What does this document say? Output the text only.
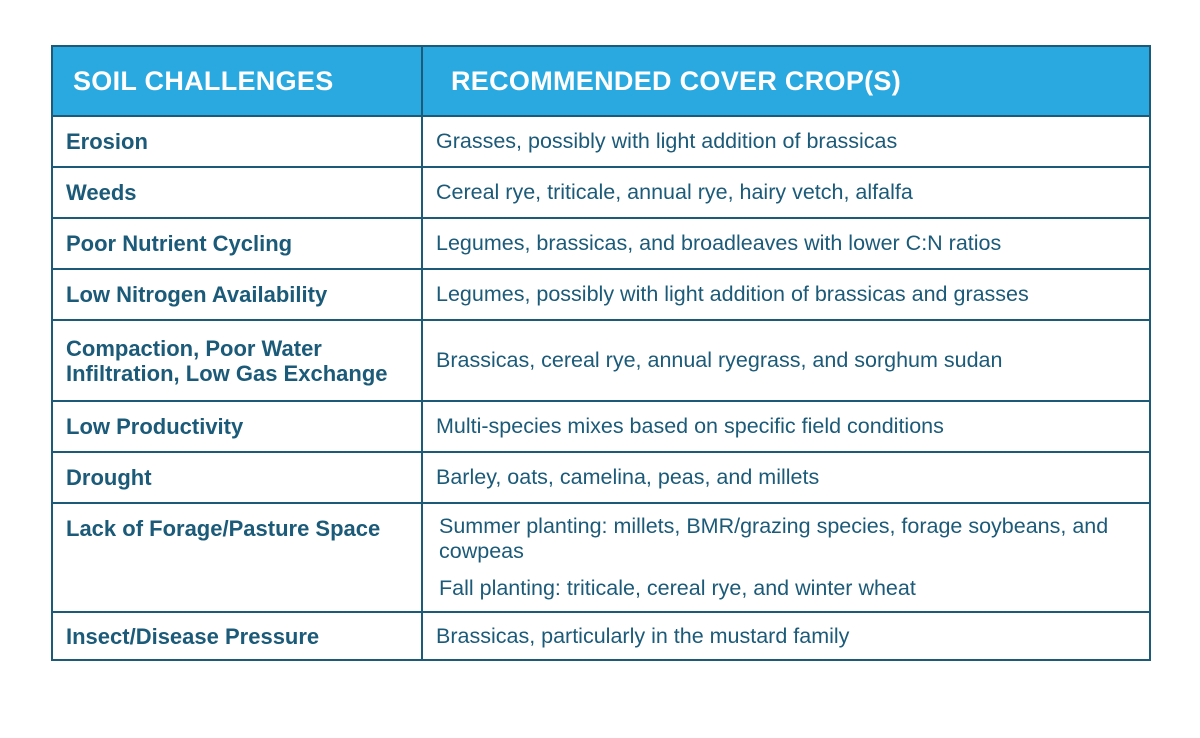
SOIL CHALLENGES	RECOMMENDED COVER CROP(S)
Erosion	Grasses, possibly with light addition of brassicas

Weeds	Cereal rye, triticale, annual rye, hairy vetch, alfalfa

Poor Nutrient Cycling	Legumes, brassicas, and broadleaves with lower C:N ratios

Low Nitrogen Availability	Legumes, possibly with light addition of brassicas and grasses

Compaction, Poor Water Infiltration, Low Gas Exchange	Brassicas, cereal rye, annual ryegrass, and sorghum sudan

Low Productivity	Multi-species mixes based on specific field conditions

Drought	Barley, oats, camelina, peas, and millets

Lack of Forage/Pasture Space	Summer planting: millets, BMR/grazing species, forage soybeans, and cowpeas
Fall planting: triticale, cereal rye, and winter wheat

Insect/Disease Pressure	Brassicas, particularly in the mustard family
